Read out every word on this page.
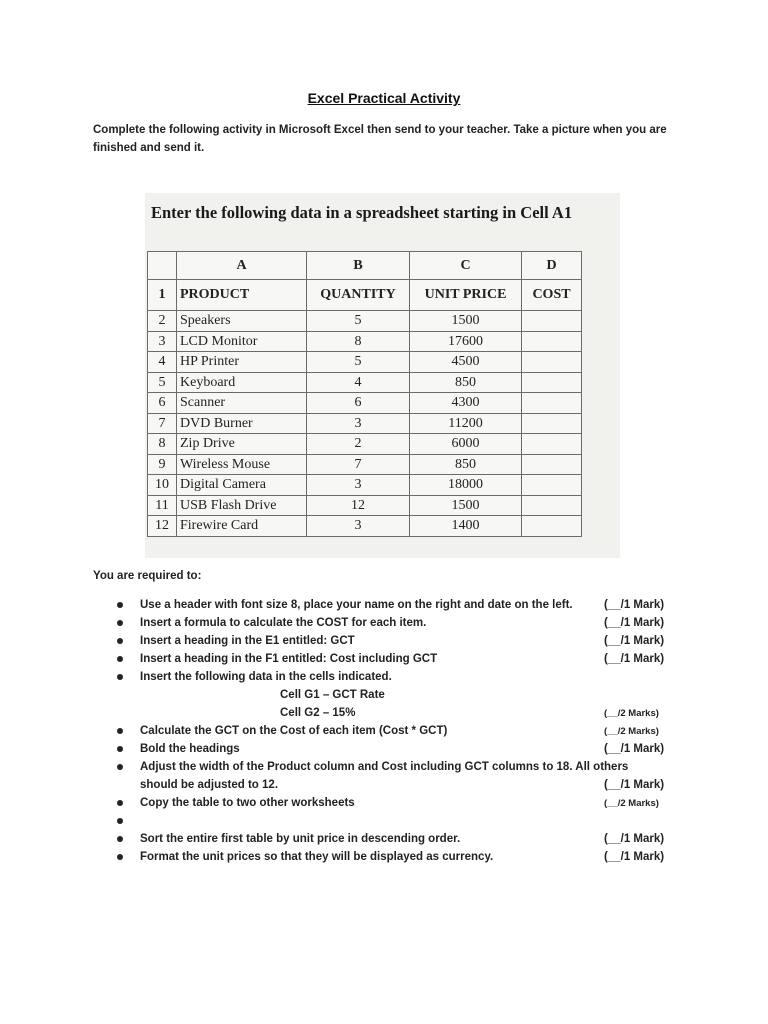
Excel Practical Activity
Complete the following activity in Microsoft Excel then send to your teacher. Take a picture when you are finished and send it.
Enter the following data in a spreadsheet starting in Cell A1
	A	B	C	D
1	PRODUCT	QUANTITY	UNIT PRICE	COST
2	Speakers	5	1500	
3	LCD Monitor	8	17600	
4	HP Printer	5	4500	
5	Keyboard	4	850	
6	Scanner	6	4300	
7	DVD Burner	3	11200	
8	Zip Drive	2	6000	
9	Wireless Mouse	7	850	
10	Digital Camera	3	18000	
11	USB Flash Drive	12	1500	
12	Firewire Card	3	1400	
You are required to:
Use a header with font size 8, place your name on the right and date on the left.	(__/1 Mark)
Insert a formula to calculate the COST for each item.	(__/1 Mark)
Insert a heading in the E1 entitled: GCT	(__/1 Mark)
Insert a heading in the F1 entitled: Cost including GCT	(__/1 Mark)
Insert the following data in the cells indicated.
Cell G1 – GCT Rate
Cell G2 – 15%	(__/2 Marks)
Calculate the GCT on the Cost of each item (Cost * GCT)	(__/2 Marks)
Bold the headings	(__/1 Mark)
Adjust the width of the Product column and Cost including GCT columns to 18. All others
should be adjusted to 12.	(__/1 Mark)
Copy the table to two other worksheets	(__/2 Marks)
Sort the entire first table by unit price in descending order.	(__/1 Mark)
Format the unit prices so that they will be displayed as currency.	(__/1 Mark)
